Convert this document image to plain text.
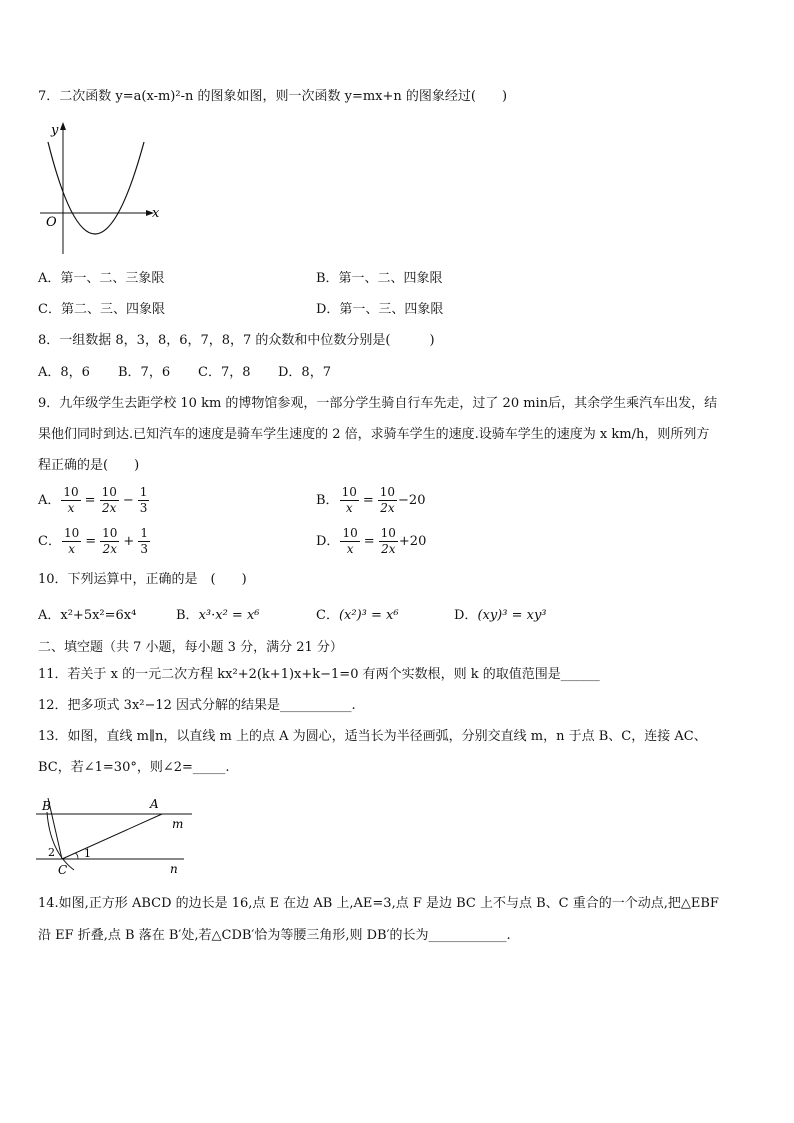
7．二次函数 y=a(x-m)²-n 的图象如图，则一次函数 y=mx+n 的图象经过(　　)
y
x
O
A．第一、二、三象限	B．第一、二、四象限
C．第二、三、四象限	D．第一、三、四象限
8．一组数据 8，3，8，6，7，8，7 的众数和中位数分别是(　　　)
A．8，6 B．7，6 C．7，8 D．8，7
9．九年级学生去距学校 10 km 的博物馆参观，一部分学生骑自行车先走，过了 20 min后，其余学生乘汽车出发，结
果他们同时到达.已知汽车的速度是骑车学生速度的 2 倍，求骑车学生的速度.设骑车学生的速度为 x km/h，则所列方
程正确的是(　　)
A． $\frac{10}{x} = \frac{10}{2x} - \frac{1}{3}$	B． $\frac{10}{x} = \frac{10}{2x} -20$
C． $\frac{10}{x} = \frac{10}{2x} + \frac{1}{3}$	D． $\frac{10}{x} = \frac{10}{2x} +20$
10．下列运算中，正确的是　(　　)
A．x²+5x²=6x⁴	B．x³·x² = x⁶	C．(x²)³ = x⁶	D．(xy)³ = xy³
二、填空题（共 7 小题，每小题 3 分，满分 21 分）
11．若关于 x 的一元二次方程 kx²+2(k+1)x+k−1=0 有两个实数根，则 k 的取值范围是______
12．把多项式 3x²−12 因式分解的结果是___________.
13．如图，直线 m∥n，以直线 m 上的点 A 为圆心，适当长为半径画弧，分别交直线 m，n 于点 B、C，连接 AC、
BC，若∠1=30°，则∠2=_____.
B	A
m
n
C
1
2
14.如图,正方形 ABCD 的边长是 16,点 E 在边 AB 上,AE=3,点 F 是边 BC 上不与点 B、C 重合的一个动点,把△EBF
沿 EF 折叠,点 B 落在 B′处,若△CDB′恰为等腰三角形,则 DB′的长为____________.
